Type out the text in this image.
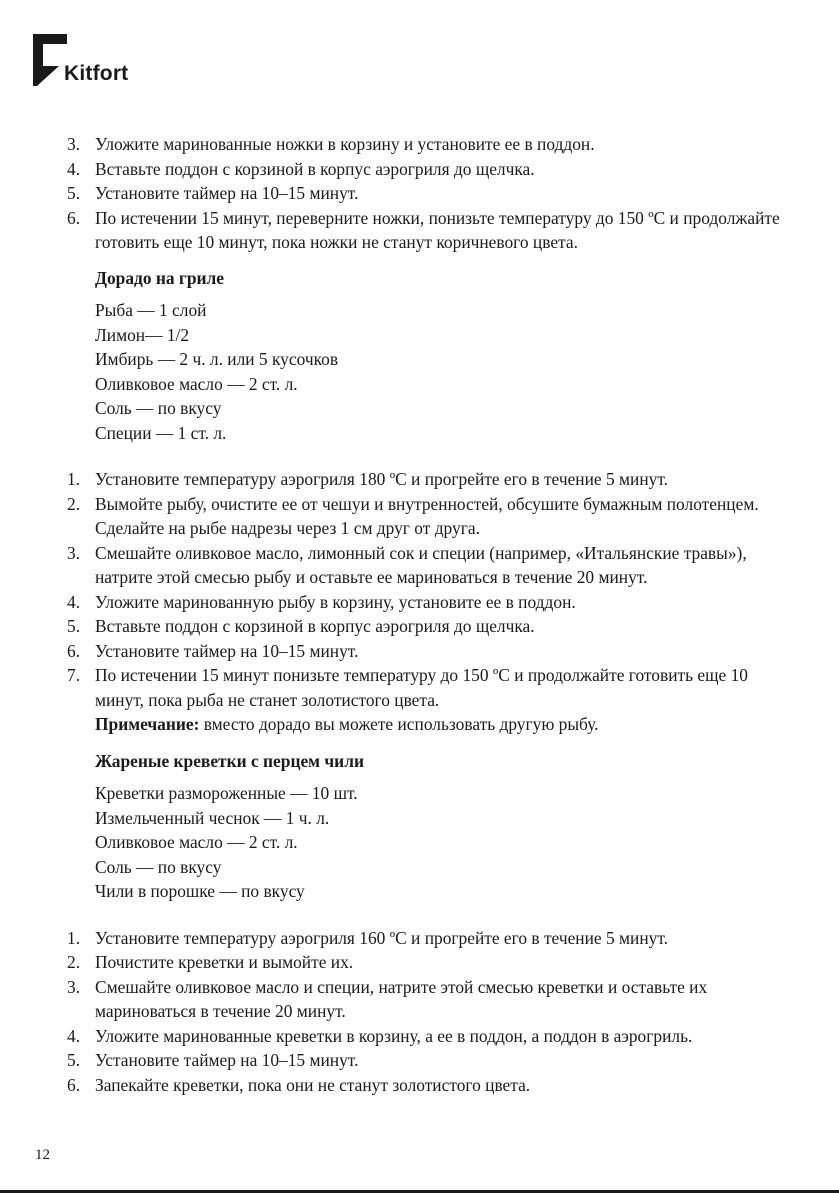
Kitfort
3. Уложите маринованные ножки в корзину и установите ее в поддон.
4. Вставьте поддон с корзиной в корпус аэрогриля до щелчка.
5. Установите таймер на 10–15 минут.
6. По истечении 15 минут, переверните ножки, понизьте температуру до 150 ºC и продолжайте готовить еще 10 минут, пока ножки не станут коричневого цвета.
Дорадо на гриле
Рыба — 1 слой
Лимон— 1/2
Имбирь — 2 ч. л. или 5 кусочков
Оливковое масло — 2 ст. л.
Соль — по вкусу
Специи — 1 ст. л.
1. Установите температуру аэрогриля 180 ºC и прогрейте его в течение 5 минут.
2. Вымойте рыбу, очистите ее от чешуи и внутренностей, обсушите бумажным полотенцем. Сделайте на рыбе надрезы через 1 см друг от друга.
3. Смешайте оливковое масло, лимонный сок и специи (например, «Итальянские травы»), натрите этой смесью рыбу и оставьте ее мариноваться в течение 20 минут.
4. Уложите маринованную рыбу в корзину, установите ее в поддон.
5. Вставьте поддон с корзиной в корпус аэрогриля до щелчка.
6. Установите таймер на 10–15 минут.
7. По истечении 15 минут понизьте температуру до 150 ºC и продолжайте готовить еще 10 минут, пока рыба не станет золотистого цвета.
Примечание: вместо дорадо вы можете использовать другую рыбу.
Жареные креветки с перцем чили
Креветки размороженные — 10 шт.
Измельченный чеснок — 1 ч. л.
Оливковое масло — 2 ст. л.
Соль — по вкусу
Чили в порошке — по вкусу
1. Установите температуру аэрогриля 160 ºC и прогрейте его в течение 5 минут.
2. Почистите креветки и вымойте их.
3. Смешайте оливковое масло и специи, натрите этой смесью креветки и оставьте их мариноваться в течение 20 минут.
4. Уложите маринованные креветки в корзину, а ее в поддон, а поддон в аэрогриль.
5. Установите таймер на 10–15 минут.
6. Запекайте креветки, пока они не станут золотистого цвета.
12
